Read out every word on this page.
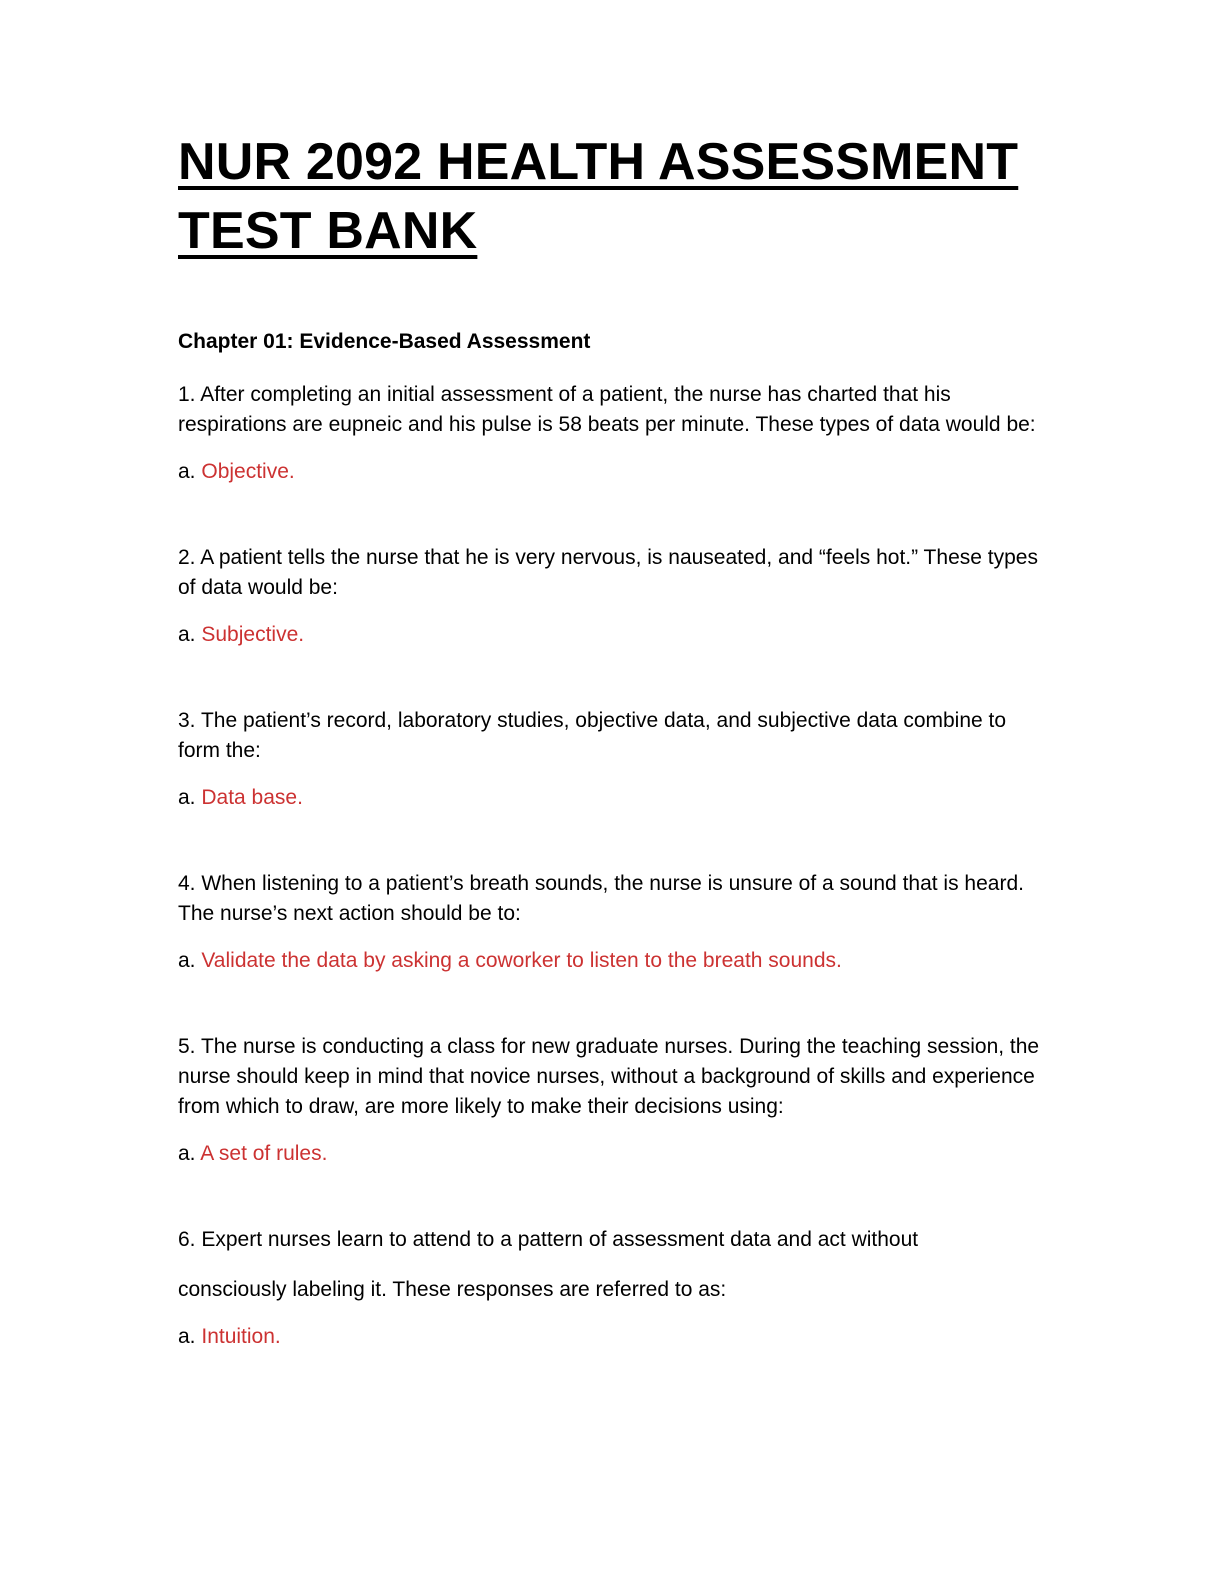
NUR 2092 HEALTH ASSESSMENT
TEST BANK
Chapter 01: Evidence-Based Assessment

1. After completing an initial assessment of a patient, the nurse has charted that his respirations are eupneic and his pulse is 58 beats per minute. These types of data would be:

a. Objective.

2. A patient tells the nurse that he is very nervous, is nauseated, and “feels hot.” These types of data would be:

a. Subjective.

3. The patient’s record, laboratory studies, objective data, and subjective data combine to form the:

a. Data base.

4. When listening to a patient’s breath sounds, the nurse is unsure of a sound that is heard. The nurse’s next action should be to:

a. Validate the data by asking a coworker to listen to the breath sounds.

5. The nurse is conducting a class for new graduate nurses. During the teaching session, the nurse should keep in mind that novice nurses, without a background of skills and experience from which to draw, are more likely to make their decisions using:

a. A set of rules.

6. Expert nurses learn to attend to a pattern of assessment data and act without

consciously labeling it. These responses are referred to as:

a. Intuition.
